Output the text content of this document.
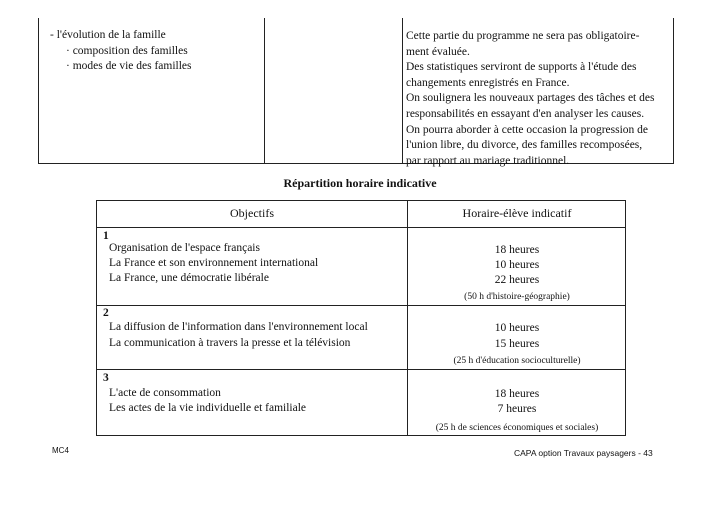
- l'évolution de la famille
· composition des familles
· modes de vie des familles
Cette partie du programme ne sera pas obligatoire-
ment évaluée.
Des statistiques serviront de supports à l'étude des
changements enregistrés en France.
On soulignera les nouveaux partages des tâches et des
responsabilités en essayant d'en analyser les causes.
On pourra aborder à cette occasion la progression de
l'union libre, du divorce, des familles recomposées,
par rapport au mariage traditionnel.
Répartition horaire indicative
Objectifs	Horaire-élève indicatif
1
Organisation de l'espace français
La France et son environnement international
La France, une démocratie libérale
18 heures
10 heures
22 heures
(50 h d'histoire-géographie)
2
La diffusion de l'information dans l'environnement local
La communication à travers la presse et la télévision
10 heures
15 heures
(25 h d'éducation socioculturelle)
3
L'acte de consommation
Les actes de la vie individuelle et familiale
18 heures
7 heures
(25 h de sciences économiques et sociales)
MC4	CAPA option Travaux paysagers - 43
